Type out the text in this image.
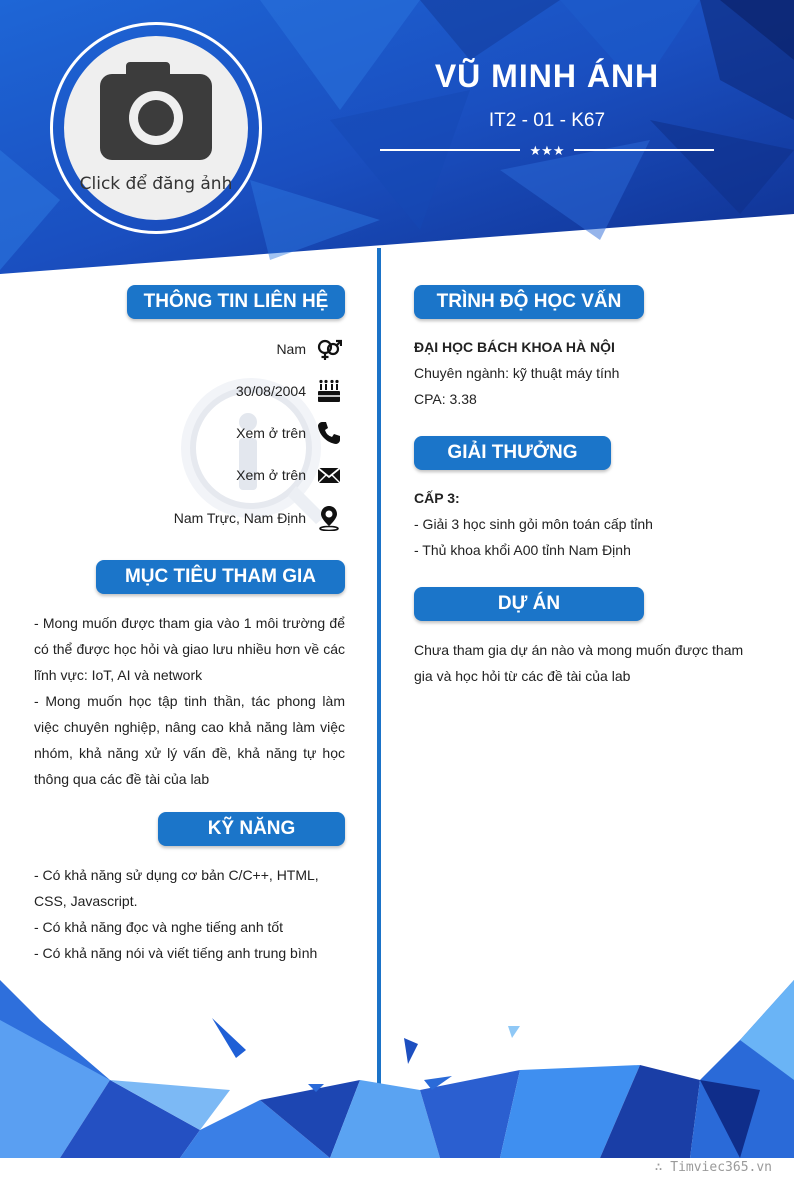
Click để đăng ảnh
VŨ MINH ÁNH
IT2 - 01 - K67
★★★
THÔNG TIN LIÊN HỆ
Nam
30/08/2004
Xem ở trên
Xem ở trên
Nam Trực, Nam Định
MỤC TIÊU THAM GIA
- Mong muốn được tham gia vào 1 môi trường để có thể được học hỏi và giao lưu nhiều hơn về các lĩnh vực: IoT, AI và network
- Mong muốn học tập tinh thần, tác phong làm việc chuyên nghiệp, nâng cao khả năng làm việc nhóm, khả năng xử lý vấn đề, khả năng tự học thông qua các đề tài của lab
KỸ NĂNG
- Có khả năng sử dụng cơ bản C/C++, HTML, CSS, Javascript.
- Có khả năng đọc và nghe tiếng anh tốt
- Có khả năng nói và viết tiếng anh trung bình
TRÌNH ĐỘ HỌC VẤN
ĐẠI HỌC BÁCH KHOA HÀ NỘI
Chuyên ngành: kỹ thuật máy tính
CPA: 3.38
GIẢI THƯỞNG
CẤP 3:
- Giải 3 học sinh gỏi môn toán cấp tỉnh
- Thủ khoa khổi A00 tỉnh Nam Định
DỰ ÁN
Chưa tham gia dự án nào và mong muốn được tham gia và học hỏi từ các đề tài của lab
∴ Timviec365.vn
